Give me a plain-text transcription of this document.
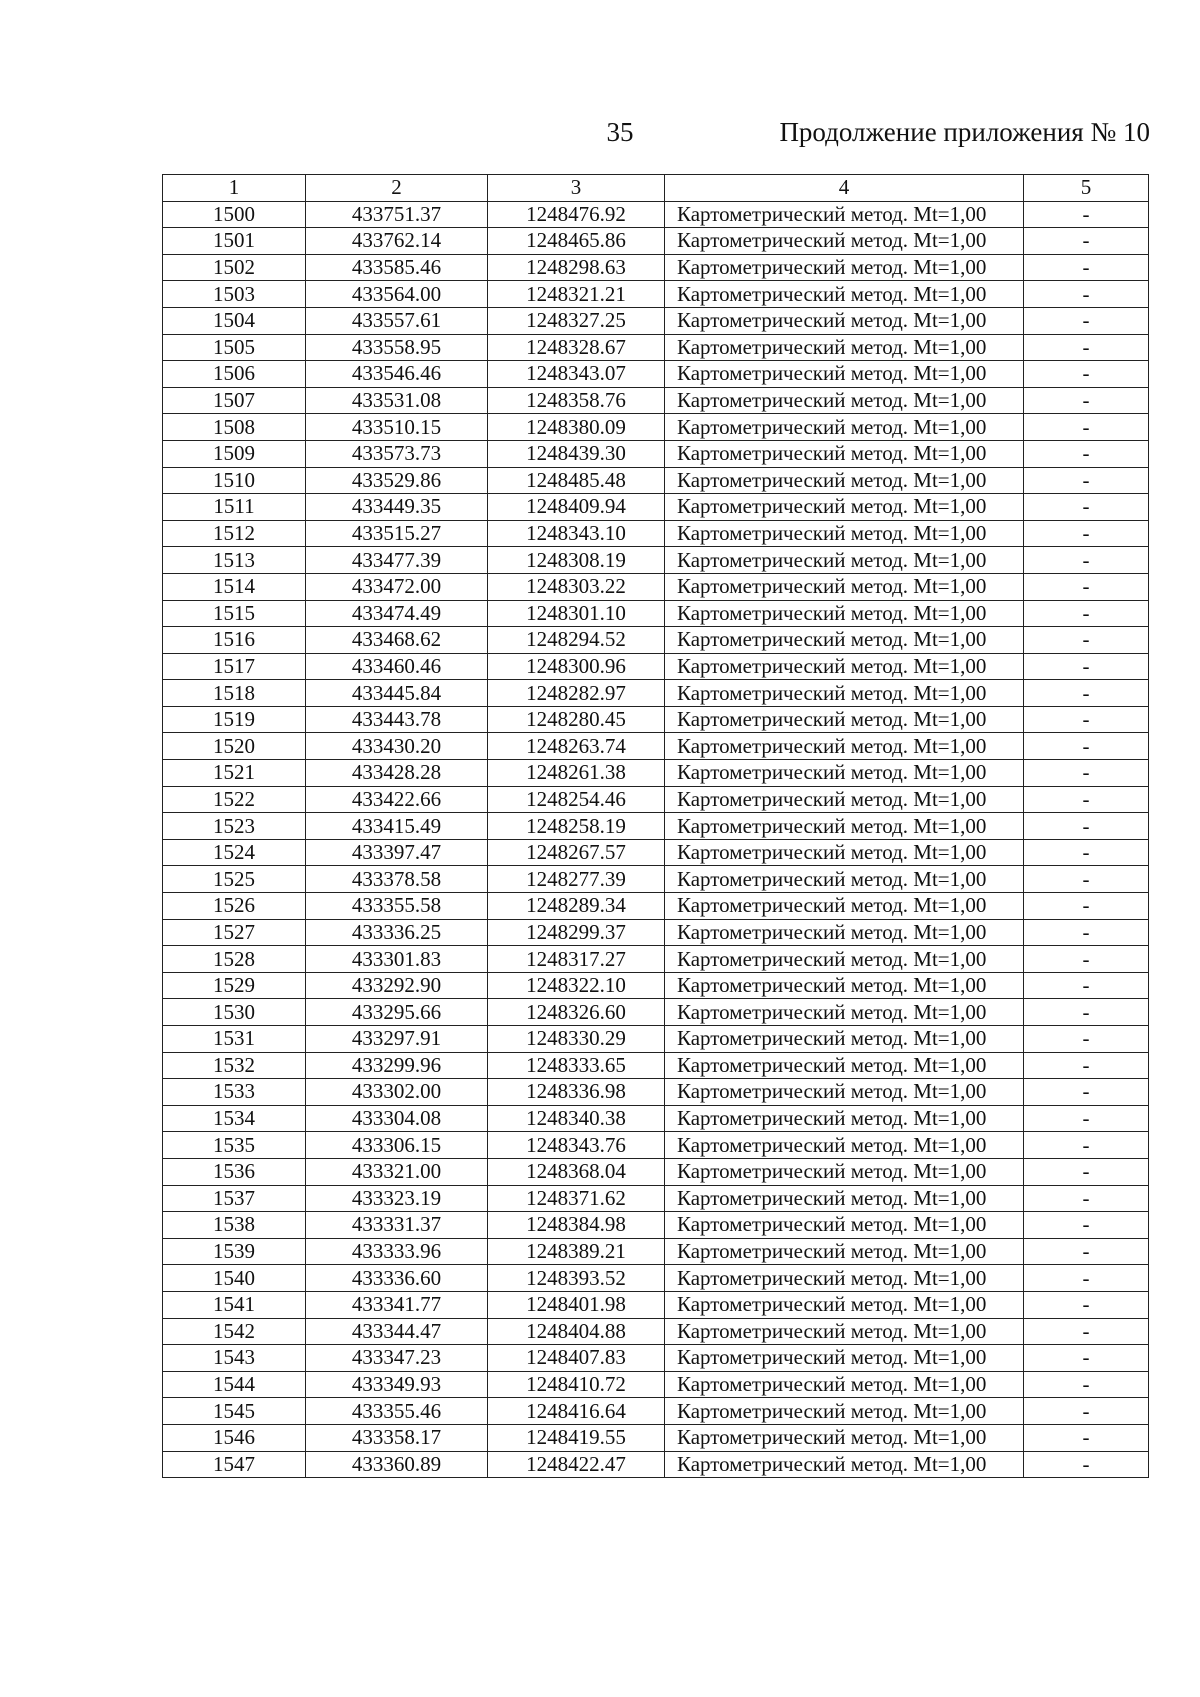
35	Продолжение приложения № 10
1	2	3	4	5
1500	433751.37	1248476.92	Картометрический метод. Mt=1,00	-
1501	433762.14	1248465.86	Картометрический метод. Mt=1,00	-
1502	433585.46	1248298.63	Картометрический метод. Mt=1,00	-
1503	433564.00	1248321.21	Картометрический метод. Mt=1,00	-
1504	433557.61	1248327.25	Картометрический метод. Mt=1,00	-
1505	433558.95	1248328.67	Картометрический метод. Mt=1,00	-
1506	433546.46	1248343.07	Картометрический метод. Mt=1,00	-
1507	433531.08	1248358.76	Картометрический метод. Mt=1,00	-
1508	433510.15	1248380.09	Картометрический метод. Mt=1,00	-
1509	433573.73	1248439.30	Картометрический метод. Mt=1,00	-
1510	433529.86	1248485.48	Картометрический метод. Mt=1,00	-
1511	433449.35	1248409.94	Картометрический метод. Mt=1,00	-
1512	433515.27	1248343.10	Картометрический метод. Mt=1,00	-
1513	433477.39	1248308.19	Картометрический метод. Mt=1,00	-
1514	433472.00	1248303.22	Картометрический метод. Mt=1,00	-
1515	433474.49	1248301.10	Картометрический метод. Mt=1,00	-
1516	433468.62	1248294.52	Картометрический метод. Mt=1,00	-
1517	433460.46	1248300.96	Картометрический метод. Mt=1,00	-
1518	433445.84	1248282.97	Картометрический метод. Mt=1,00	-
1519	433443.78	1248280.45	Картометрический метод. Mt=1,00	-
1520	433430.20	1248263.74	Картометрический метод. Mt=1,00	-
1521	433428.28	1248261.38	Картометрический метод. Mt=1,00	-
1522	433422.66	1248254.46	Картометрический метод. Mt=1,00	-
1523	433415.49	1248258.19	Картометрический метод. Mt=1,00	-
1524	433397.47	1248267.57	Картометрический метод. Mt=1,00	-
1525	433378.58	1248277.39	Картометрический метод. Mt=1,00	-
1526	433355.58	1248289.34	Картометрический метод. Mt=1,00	-
1527	433336.25	1248299.37	Картометрический метод. Mt=1,00	-
1528	433301.83	1248317.27	Картометрический метод. Mt=1,00	-
1529	433292.90	1248322.10	Картометрический метод. Mt=1,00	-
1530	433295.66	1248326.60	Картометрический метод. Mt=1,00	-
1531	433297.91	1248330.29	Картометрический метод. Mt=1,00	-
1532	433299.96	1248333.65	Картометрический метод. Mt=1,00	-
1533	433302.00	1248336.98	Картометрический метод. Mt=1,00	-
1534	433304.08	1248340.38	Картометрический метод. Mt=1,00	-
1535	433306.15	1248343.76	Картометрический метод. Mt=1,00	-
1536	433321.00	1248368.04	Картометрический метод. Mt=1,00	-
1537	433323.19	1248371.62	Картометрический метод. Mt=1,00	-
1538	433331.37	1248384.98	Картометрический метод. Mt=1,00	-
1539	433333.96	1248389.21	Картометрический метод. Mt=1,00	-
1540	433336.60	1248393.52	Картометрический метод. Mt=1,00	-
1541	433341.77	1248401.98	Картометрический метод. Mt=1,00	-
1542	433344.47	1248404.88	Картометрический метод. Mt=1,00	-
1543	433347.23	1248407.83	Картометрический метод. Mt=1,00	-
1544	433349.93	1248410.72	Картометрический метод. Mt=1,00	-
1545	433355.46	1248416.64	Картометрический метод. Mt=1,00	-
1546	433358.17	1248419.55	Картометрический метод. Mt=1,00	-
1547	433360.89	1248422.47	Картометрический метод. Mt=1,00	-
